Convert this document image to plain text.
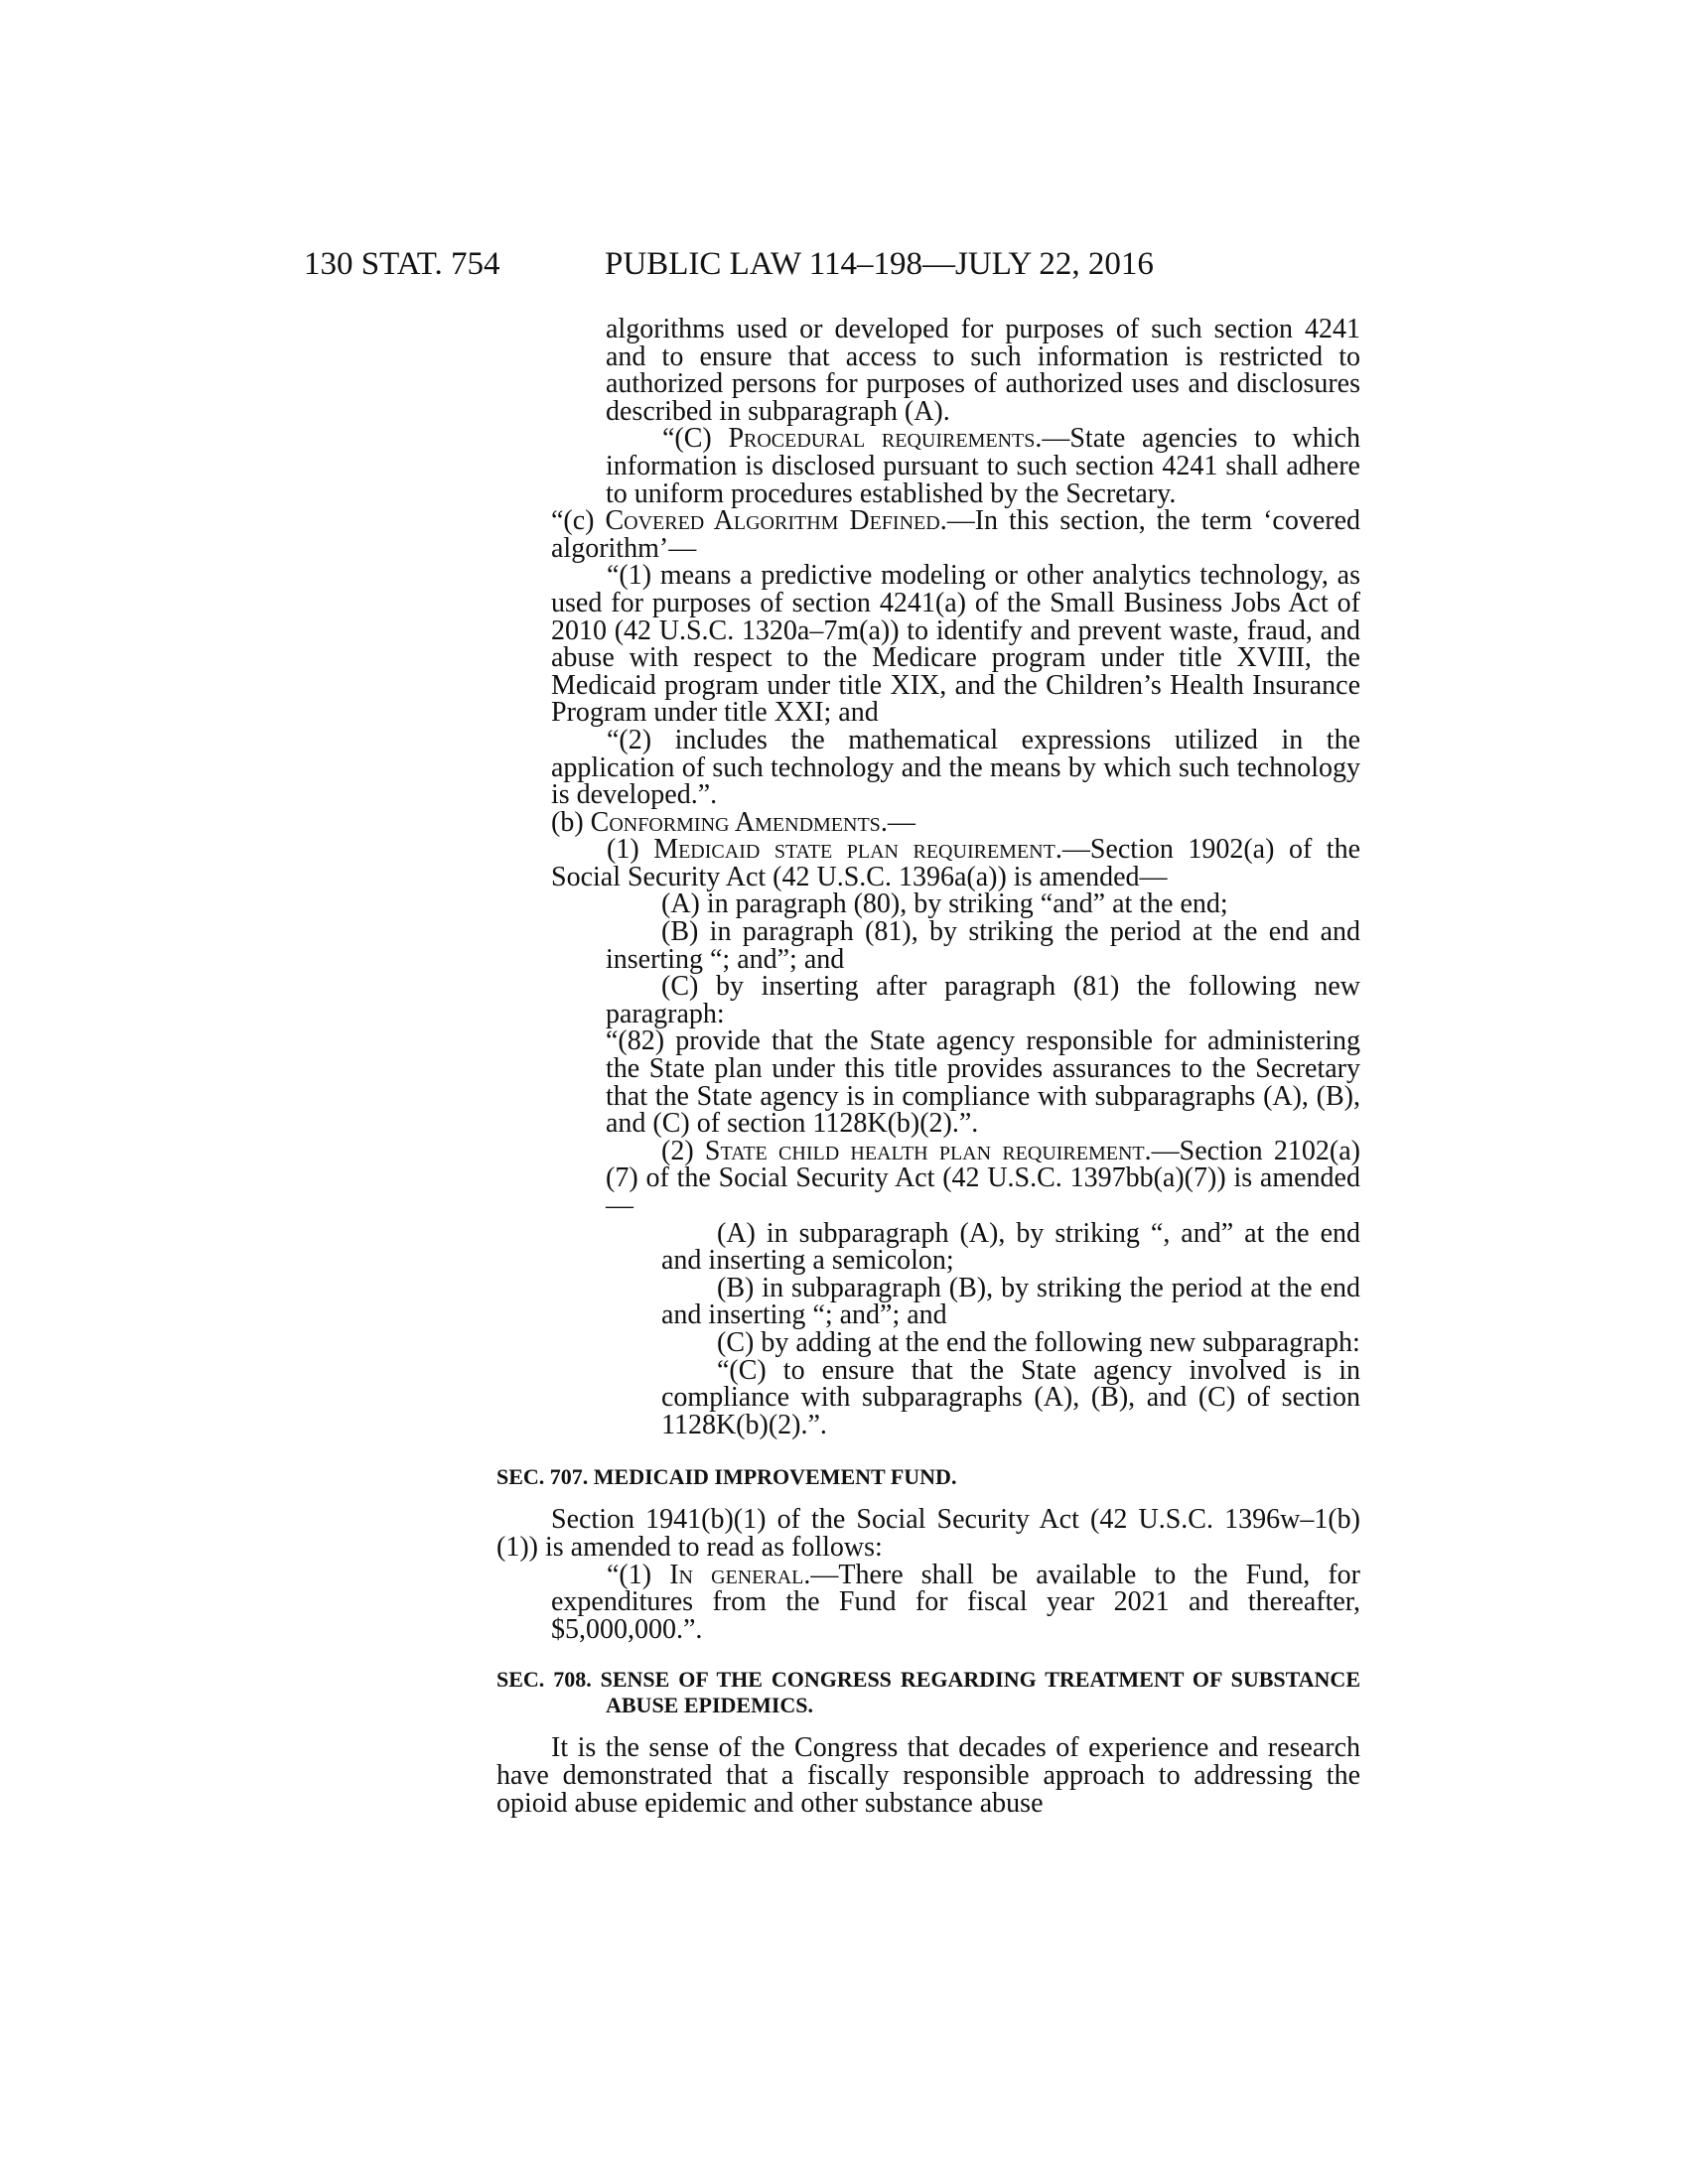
130 STAT. 754	PUBLIC LAW 114–198—JULY 22, 2016

algorithms used or developed for purposes of such section 4241 and to ensure that access to such information is restricted to authorized persons for purposes of authorized uses and disclosures described in subparagraph (A).

“(C) Procedural requirements.—State agencies to which information is disclosed pursuant to such section 4241 shall adhere to uniform procedures established by the Secretary.

“(c) Covered Algorithm Defined.—In this section, the term ‘covered algorithm’—

“(1) means a predictive modeling or other analytics technology, as used for purposes of section 4241(a) of the Small Business Jobs Act of 2010 (42 U.S.C. 1320a–7m(a)) to identify and prevent waste, fraud, and abuse with respect to the Medicare program under title XVIII, the Medicaid program under title XIX, and the Children’s Health Insurance Program under title XXI; and

“(2) includes the mathematical expressions utilized in the application of such technology and the means by which such technology is developed.”.

(b) Conforming Amendments.—

(1) Medicaid state plan requirement.—Section 1902(a) of the Social Security Act (42 U.S.C. 1396a(a)) is amended—

(A) in paragraph (80), by striking “and” at the end;

(B) in paragraph (81), by striking the period at the end and inserting “; and”; and

(C) by inserting after paragraph (81) the following new paragraph:

“(82) provide that the State agency responsible for administering the State plan under this title provides assurances to the Secretary that the State agency is in compliance with subparagraphs (A), (B), and (C) of section 1128K(b)(2).”.

(2) State child health plan requirement.—Section 2102(a)(7) of the Social Security Act (42 U.S.C. 1397bb(a)(7)) is amended—

(A) in subparagraph (A), by striking “, and” at the end and inserting a semicolon;

(B) in subparagraph (B), by striking the period at the end and inserting “; and”; and

(C) by adding at the end the following new subparagraph:

“(C) to ensure that the State agency involved is in compliance with subparagraphs (A), (B), and (C) of section 1128K(b)(2).”.

SEC. 707. MEDICAID IMPROVEMENT FUND.

Section 1941(b)(1) of the Social Security Act (42 U.S.C. 1396w–1(b)(1)) is amended to read as follows:

“(1) In general.—There shall be available to the Fund, for expenditures from the Fund for fiscal year 2021 and thereafter, $5,000,000.”.

SEC. 708. SENSE OF THE CONGRESS REGARDING TREATMENT OF SUBSTANCE ABUSE EPIDEMICS.

It is the sense of the Congress that decades of experience and research have demonstrated that a fiscally responsible approach to addressing the opioid abuse epidemic and other substance abuse
